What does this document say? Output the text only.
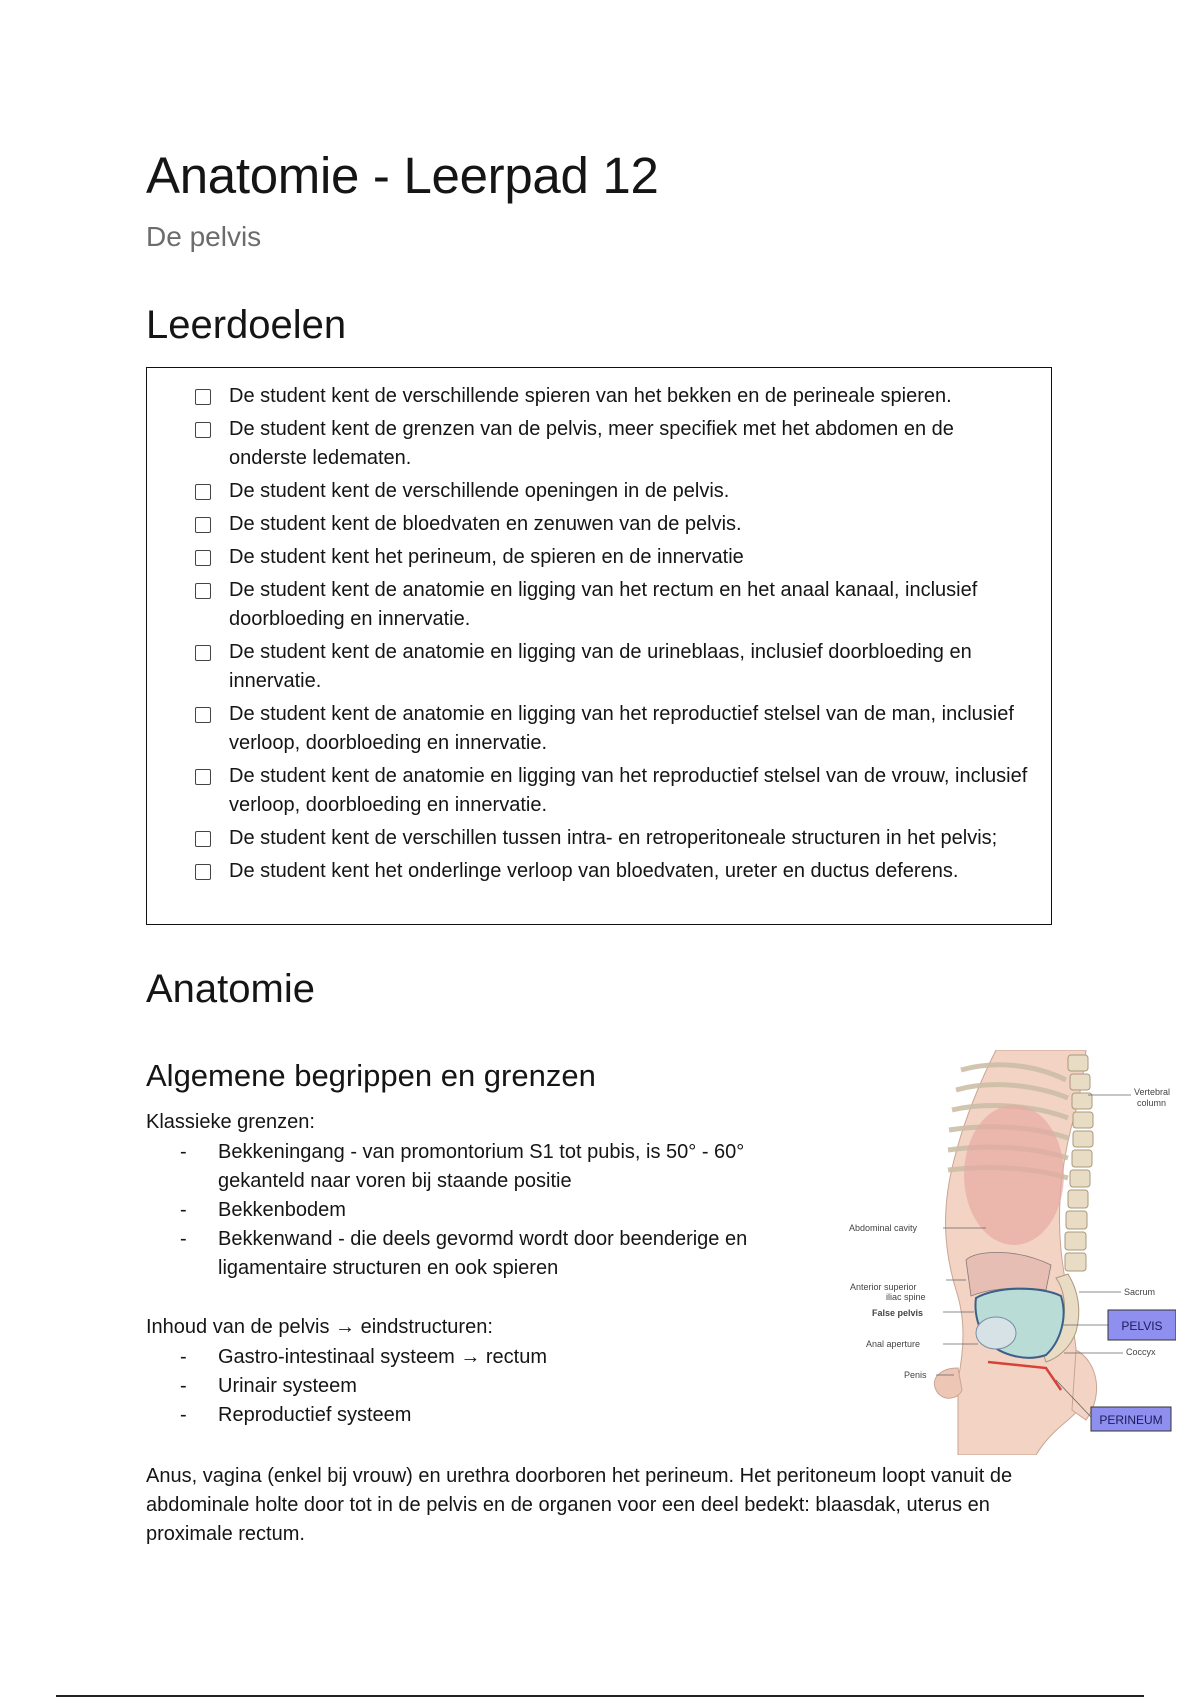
Anatomie - Leerpad 12
De pelvis
Leerdoelen
De student kent de verschillende spieren van het bekken en de perineale spieren.
De student kent de grenzen van de pelvis, meer specifiek met het abdomen en de onderste ledematen.
De student kent de verschillende openingen in de pelvis.
De student kent de bloedvaten en zenuwen van de pelvis.
De student kent het perineum, de spieren en de innervatie
De student kent de anatomie en ligging van het rectum en het anaal kanaal, inclusief doorbloeding en innervatie.
De student kent de anatomie en ligging van de urineblaas, inclusief doorbloeding en innervatie.
De student kent de anatomie en ligging van het reproductief stelsel van de man, inclusief verloop, doorbloeding en innervatie.
De student kent de anatomie en ligging van het reproductief stelsel van de vrouw, inclusief verloop, doorbloeding en innervatie.
De student kent de verschillen tussen intra- en retroperitoneale structuren in het pelvis;
De student kent het onderlinge verloop van bloedvaten, ureter en ductus deferens.
Anatomie
Algemene begrippen en grenzen
Klassieke grenzen:
- Bekkeningang - van promontorium S1 tot pubis, is 50° - 60° gekanteld naar voren bij staande positie
- Bekkenbodem
- Bekkenwand - die deels gevormd wordt door beenderige en ligamentaire structuren en ook spieren
Inhoud van de pelvis → eindstructuren:
- Gastro-intestinaal systeem → rectum
- Urinair systeem
- Reproductief systeem
Anus, vagina (enkel bij vrouw) en urethra doorboren het perineum. Het peritoneum loopt vanuit de abdominale holte door tot in de pelvis en de organen voor een deel bedekt: blaasdak, uterus en proximale rectum.
Vertebral
column
Abdominal cavity
Anterior superior
iliac spine
False pelvis
Anal aperture
Penis
Sacrum
Coccyx
PELVIS
PERINEUM
